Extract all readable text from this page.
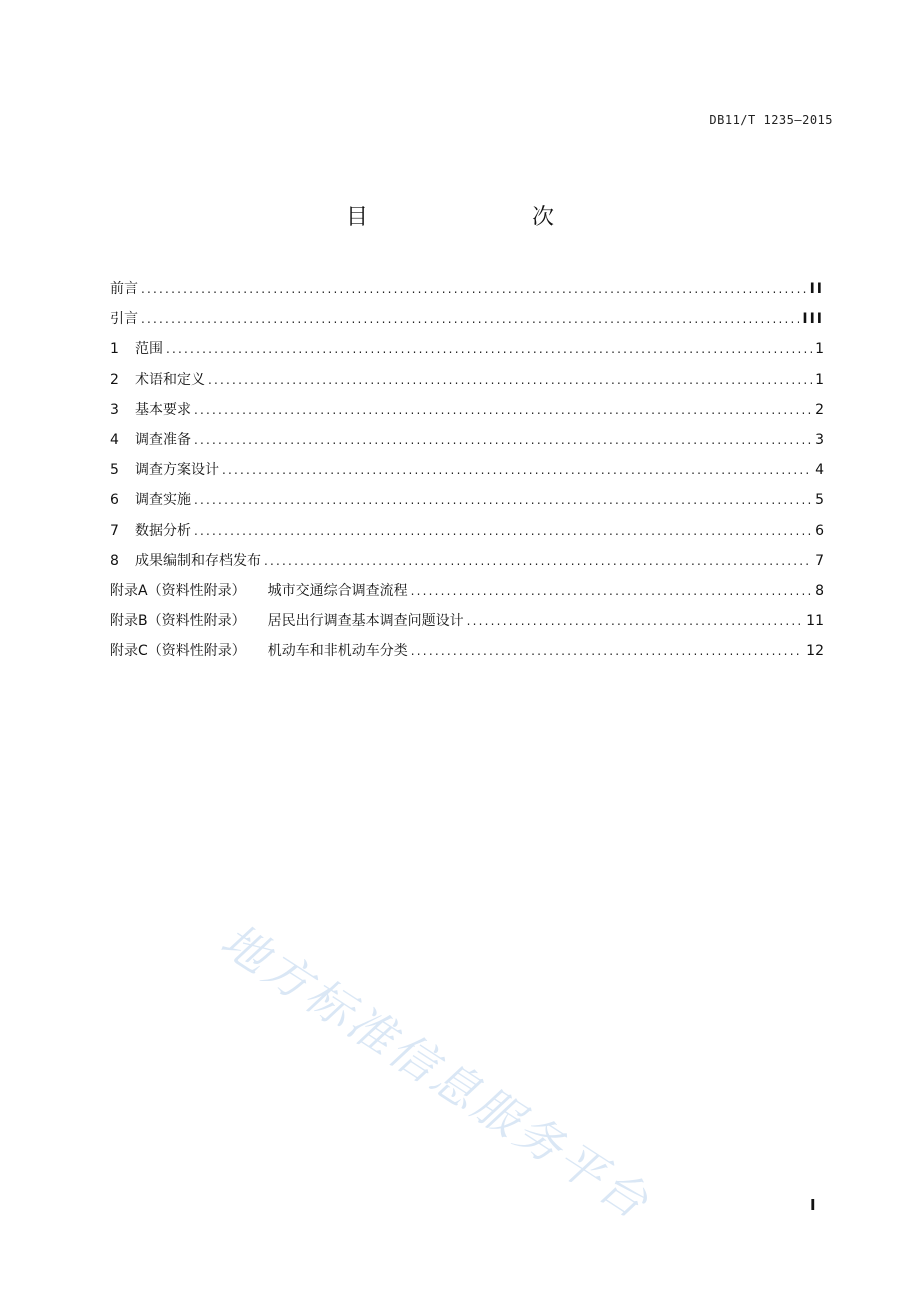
DB11/T 1235—2015
目　　次
前言 .....	II
引言 .....	III
1	范围 .....	1
2	术语和定义 .....	1
3	基本要求 .....	2
4	调查准备 .....	3
5	调查方案设计 .....	4
6	调查实施 .....	5
7	数据分析 .....	6
8	成果编制和存档发布 .....	7
附录A（资料性附录） 城市交通综合调查流程 .....	8
附录B（资料性附录） 居民出行调查基本调查问题设计 .....	11
附录C（资料性附录） 机动车和非机动车分类 .....	12
地方标准信息服务平台	I
